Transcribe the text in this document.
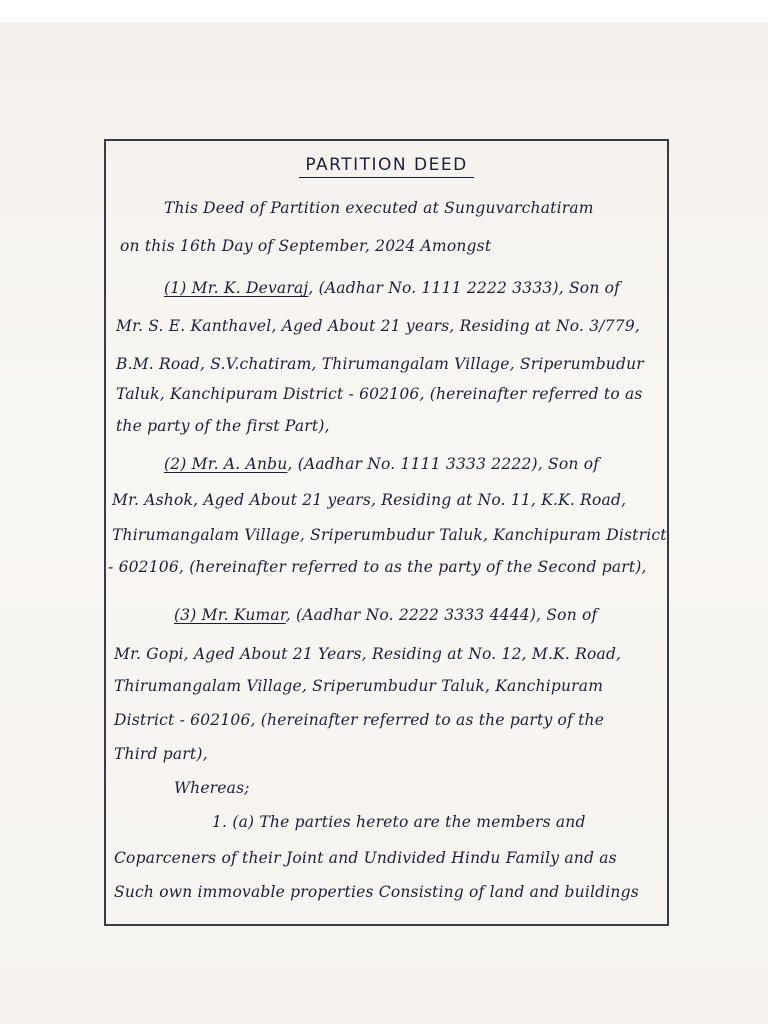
PARTITION DEED
This Deed of Partition executed at Sunguvarchatiram
on this 16th Day of September, 2024 Amongst
(1) Mr. K. Devaraj, (Aadhar No. 1111 2222 3333), Son of
Mr. S. E. Kanthavel, Aged About 21 years, Residing at No. 3/779,
B.M. Road, S.V.chatiram, Thirumangalam Village, Sriperumbudur
Taluk, Kanchipuram District - 602106, (hereinafter referred to as
the party of the first Part),
(2) Mr. A. Anbu, (Aadhar No. 1111 3333 2222), Son of
Mr. Ashok, Aged About 21 years, Residing at No. 11, K.K. Road,
Thirumangalam Village, Sriperumbudur Taluk, Kanchipuram District
- 602106, (hereinafter referred to as the party of the Second part),
(3) Mr. Kumar, (Aadhar No. 2222 3333 4444), Son of
Mr. Gopi, Aged About 21 Years, Residing at No. 12, M.K. Road,
Thirumangalam Village, Sriperumbudur Taluk, Kanchipuram
District - 602106, (hereinafter referred to as the party of the
Third part),
Whereas;
1. (a) The parties hereto are the members and
Coparceners of their Joint and Undivided Hindu Family and as
Such own immovable properties Consisting of land and buildings
